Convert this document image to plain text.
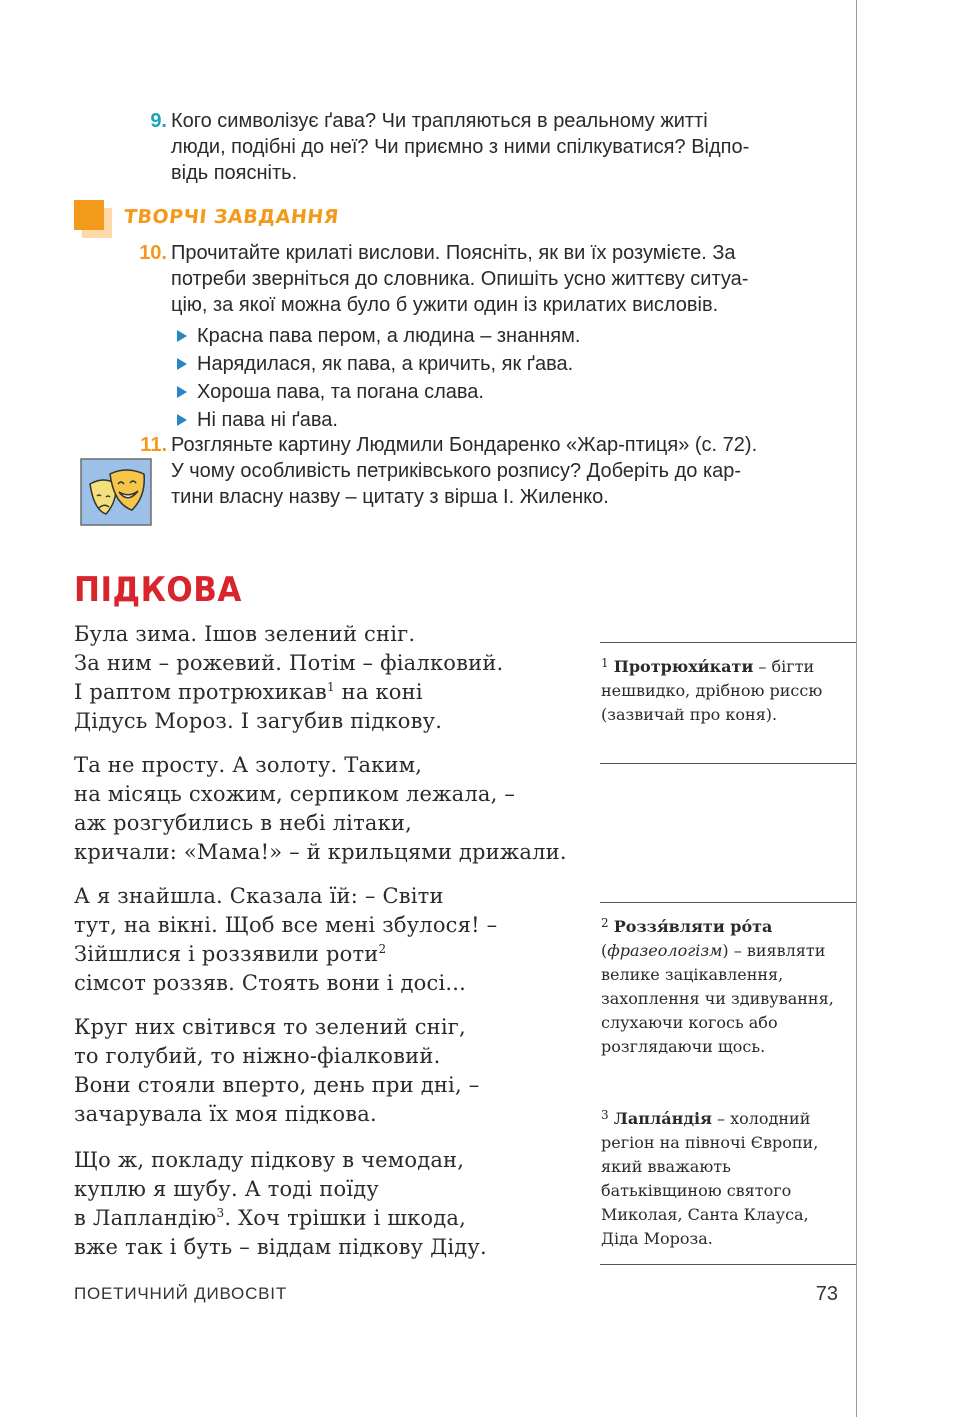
9. Кого символізує ґава? Чи трапляються в реальному житті
люди, подібні до неї? Чи приємно з ними спілкуватися? Відпо-
відь поясніть.
ТВОРЧІ ЗАВДАННЯ
10. Прочитайте крилаті вислови. Поясніть, як ви їх розумієте. За
потреби зверніться до словника. Опишіть усно життєву ситуа-
цію, за якої можна було б ужити один із крилатих висловів.
Красна пава пером, а людина – знанням.
Нарядилася, як пава, а кричить, як ґава.
Хороша пава, та погана слава.
Ні пава ні ґава.
11. Розгляньте картину Людмили Бондаренко «Жар-птиця» (с. 72).
У чому особливість петриківського розпису? Доберіть до кар-
тини власну назву – цитату з вірша І. Жиленко.
ПІДКОВА
Була зима. Ішов зелений сніг.
За ним – рожевий. Потім – фіалковий.
І раптом протрюхикав$^1$ на коні
Дідусь Мороз. І загубив підкову.
Та не просту. А золоту. Таким,
на місяць схожим, серпиком лежала, –
аж розгубились в небі літаки,
кричали: «Мама!» – й крильцями дрижали.
А я знайшла. Сказала їй: – Світи
тут, на вікні. Щоб все мені збулося! –
Зійшлися і роззявили роти$^2$
сімсот роззяв. Стоять вони і досі...
Круг них світився то зелений сніг,
то голубий, то ніжно-фіалковий.
Вони стояли вперто, день при дні, –
зачарувала їх моя підкова.
Що ж, покладу підкову в чемодан,
куплю я шубу. А тоді поїду
в Лапландію$^3$. Хоч трішки і шкода,
вже так і буть – віддам підкову Діду.
$^1$ Протрюхи́кати – бігти нешвидко, дрібною риссю (зазвичай про коня).
$^2$ Роззя́вляти ро́та (фразеологізм) – виявляти велике зацікавлення, захоплення чи здивування, слухаючи когось або розглядаючи щось.
$^3$ Лапла́ндія – холодний регіон на півночі Європи, який вважають батьківщиною святого Миколая, Санта Клауса, Діда Мороза.
ПОЕТИЧНИЙ ДИВОСВІТ	73
